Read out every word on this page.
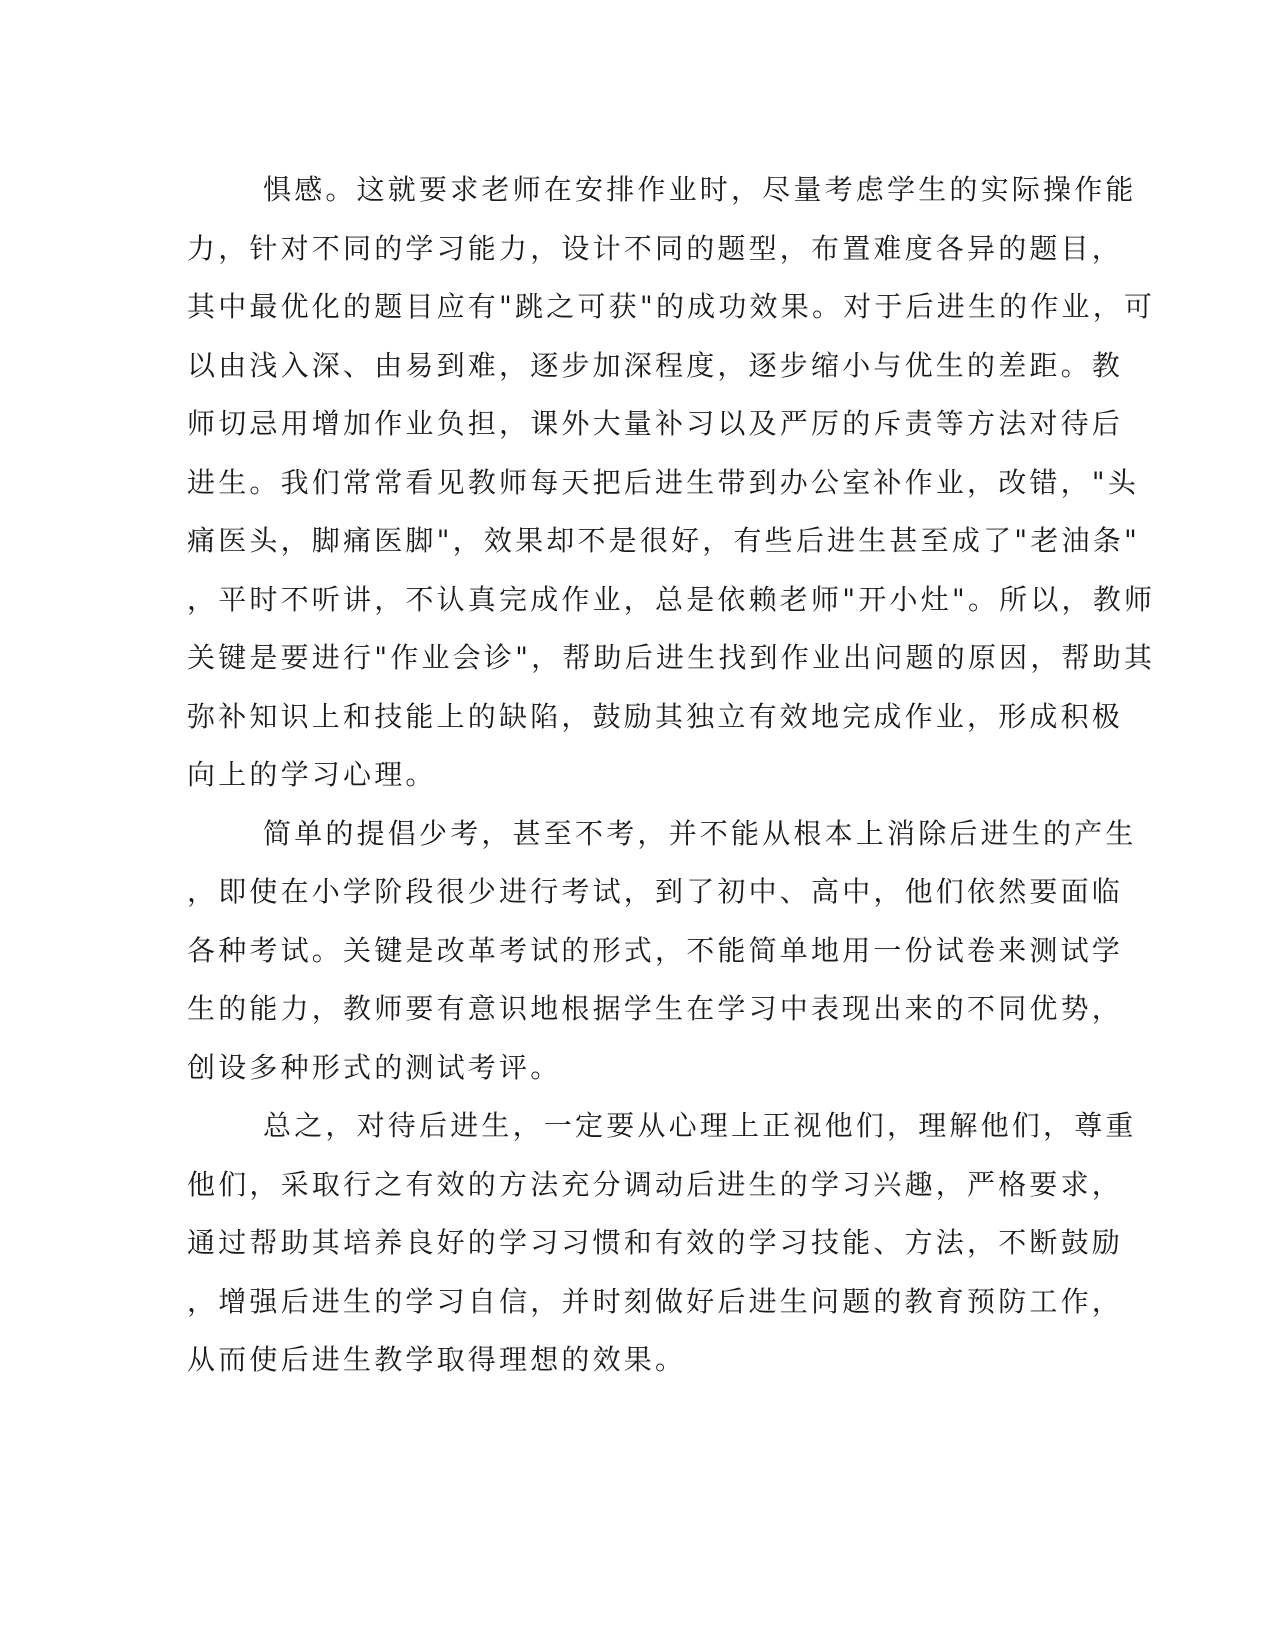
惧感。这就要求老师在安排作业时，尽量考虑学生的实际操作能
力，针对不同的学习能力，设计不同的题型，布置难度各异的题目，
其中最优化的题目应有"跳之可获"的成功效果。对于后进生的作业，可
以由浅入深、由易到难，逐步加深程度，逐步缩小与优生的差距。教
师切忌用增加作业负担，课外大量补习以及严厉的斥责等方法对待后
进生。我们常常看见教师每天把后进生带到办公室补作业，改错，"头
痛医头，脚痛医脚"，效果却不是很好，有些后进生甚至成了"老油条"
，平时不听讲，不认真完成作业，总是依赖老师"开小灶"。所以，教师
关键是要进行"作业会诊"，帮助后进生找到作业出问题的原因，帮助其
弥补知识上和技能上的缺陷，鼓励其独立有效地完成作业，形成积极
向上的学习心理。
简单的提倡少考，甚至不考，并不能从根本上消除后进生的产生
，即使在小学阶段很少进行考试，到了初中、高中，他们依然要面临
各种考试。关键是改革考试的形式，不能简单地用一份试卷来测试学
生的能力，教师要有意识地根据学生在学习中表现出来的不同优势，
创设多种形式的测试考评。
总之，对待后进生，一定要从心理上正视他们，理解他们，尊重
他们，采取行之有效的方法充分调动后进生的学习兴趣，严格要求，
通过帮助其培养良好的学习习惯和有效的学习技能、方法，不断鼓励
，增强后进生的学习自信，并时刻做好后进生问题的教育预防工作，
从而使后进生教学取得理想的效果。
